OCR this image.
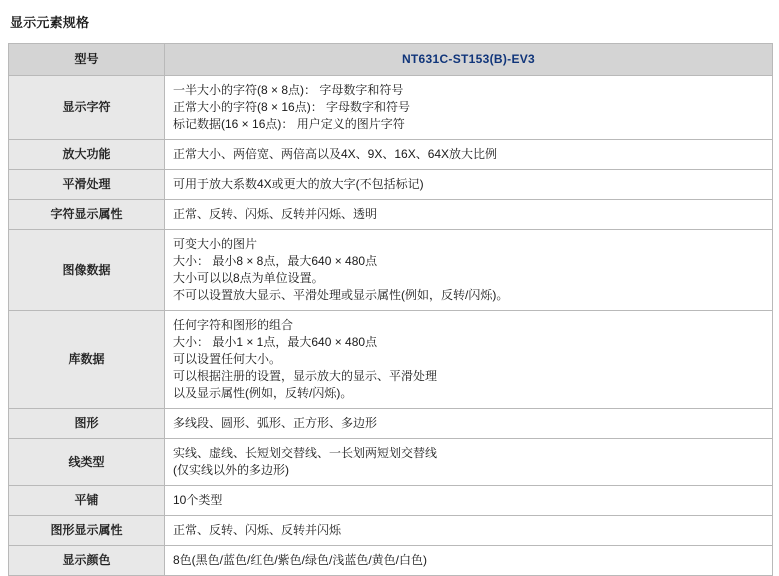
显示元素规格
型号	NT631C-ST153(B)-EV3
显示字符	一半大小的字符(8 × 8点)： 字母数字和符号
正常大小的字符(8 × 16点)： 字母数字和符号
标记数据(16 × 16点)： 用户定义的图片字符

放大功能	正常大小、两倍宽、两倍高以及4X、9X、16X、64X放大比例

平滑处理	可用于放大系数4X或更大的放大字(不包括标记)

字符显示属性	正常、反转、闪烁、反转并闪烁、透明

图像数据	可变大小的图片
大小： 最小8 × 8点，最大640 × 480点
大小可以以8点为单位设置。
不可以设置放大显示、平滑处理或显示属性(例如，反转/闪烁)。

库数据	任何字符和图形的组合
大小： 最小1 × 1点，最大640 × 480点
可以设置任何大小。
可以根据注册的设置，显示放大的显示、平滑处理
以及显示属性(例如，反转/闪烁)。

图形	多线段、圆形、弧形、正方形、多边形

线类型	实线、虚线、长短划交替线、一长划两短划交替线
(仅实线以外的多边形)

平铺	10个类型

图形显示属性	正常、反转、闪烁、反转并闪烁

显示颜色	8色(黑色/蓝色/红色/紫色/绿色/浅蓝色/黄色/白色)
